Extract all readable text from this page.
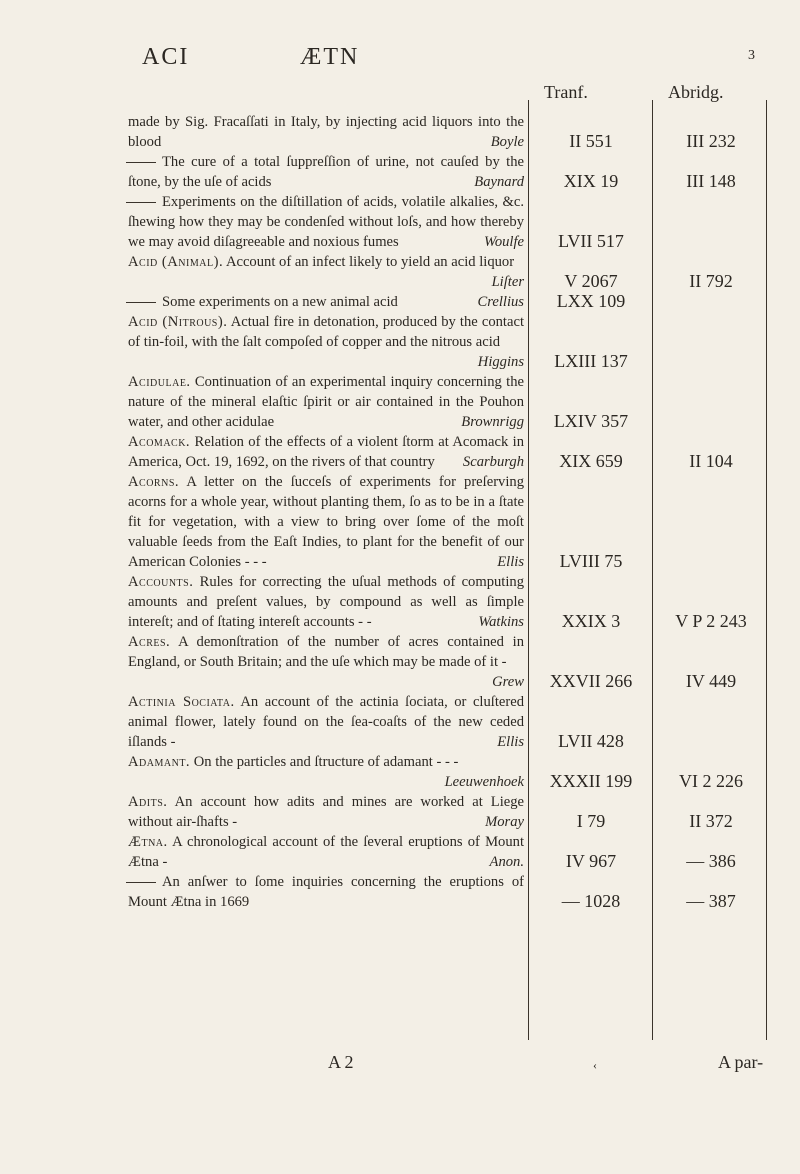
ACI	ÆTN	3
Tranf.	Abridg.
made by Sig. Fracaſſati in Italy, by injecting acid liquors into the blood	Boyle	II 551	III 232
The cure of a total ſuppreſſion of urine, not cauſed by the ſtone, by the uſe of acids	Baynard	XIX 19	III 148
Experiments on the diſtillation of acids, volatile alkalies, &c. ſhewing how they may be condenſed without loſs, and how thereby we may avoid diſagreeable and noxious fumes	Woulfe	LVII 517
Acid (Animal). Account of an infect likely to yield an acid liquor
Liſter	V 2067	II 792
Some experiments on a new animal acid	Crellius	LXX 109
Acid (Nitrous). Actual fire in detonation, produced by the contact of tin-foil, with the ſalt compoſed of copper and the nitrous acid
Higgins	LXIII 137
Acidulae. Continuation of an experimental inquiry concerning the nature of the mineral elaſtic ſpirit or air contained in the Pouhon water, and other acidulae	Brownrigg	LXIV 357
Acomack. Relation of the effects of a violent ſtorm at Acomack in America, Oct. 19, 1692, on the rivers of that country Scarburgh	XIX 659	II 104
Acorns. A letter on the ſucceſs of experiments for preſerving acorns for a whole year, without planting them, ſo as to be in a ſtate fit for vegetation, with a view to bring over ſome of the moſt valuable ſeeds from the Eaſt Indies, to plant for the benefit of our American Colonies - - -	Ellis	LVIII 75
Accounts. Rules for correcting the uſual methods of computing amounts and preſent values, by compound as well as ſimple intereſt; and of ſtating intereſt accounts - -	Watkins	XXIX 3	V P 2 243
Acres. A demonſtration of the number of acres contained in England, or South Britain; and the uſe which may be made of it -
Grew	XXVII 266	IV 449
Actinia Sociata. An account of the actinia ſociata, or cluſtered animal flower, lately found on the ſea-coaſts of the new ceded iſlands -	Ellis	LVII 428
Adamant. On the particles and ſtructure of adamant - - -
Leeuwenhoek	XXXII 199	VI 2 226
Adits. An account how adits and mines are worked at Liege without air-ſhafts -	Moray	I 79	II 372
Ætna. A chronological account of the ſeveral eruptions of Mount Ætna -	Anon.	IV 967	— 386
An anſwer to ſome inquiries concerning the eruptions of Mount Ætna in 1669	— 1028	— 387
A 2	‹	A par-
